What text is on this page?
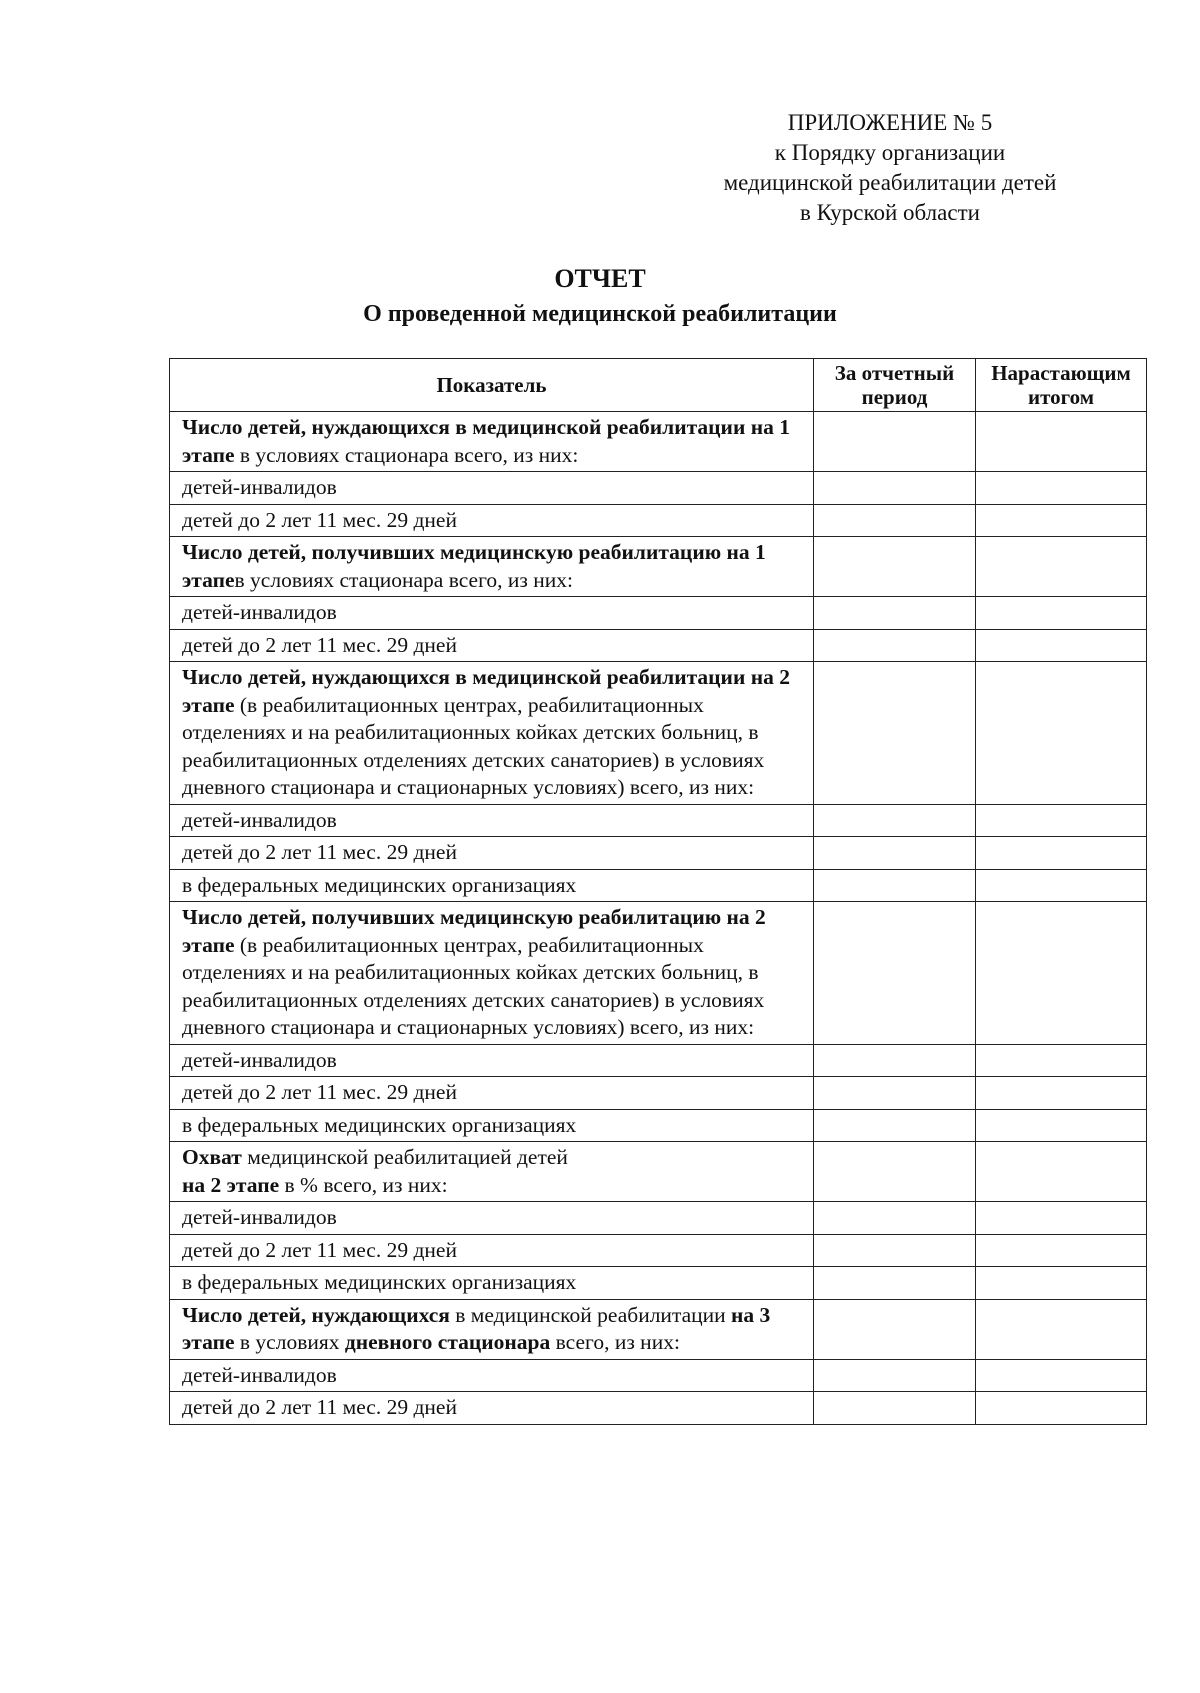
ПРИЛОЖЕНИЕ № 5
к Порядку организации
медицинской реабилитации детей
в Курской области
ОТЧЕТ
О проведенной медицинской реабилитации
Показатель	За отчетный период	Нарастающим итогом
Число детей, нуждающихся в медицинской реабилитации на 1 этапе в условиях стационара всего, из них:		
детей-инвалидов		
детей до 2 лет 11 мес. 29 дней		
Число детей, получивших медицинскую реабилитацию на 1 этапев условиях стационара всего, из них:		
детей-инвалидов		
детей до 2 лет 11 мес. 29 дней		
Число детей, нуждающихся в медицинской реабилитации на 2 этапе (в реабилитационных центрах, реабилитационных отделениях и на реабилитационных койках детских больниц, в реабилитационных отделениях детских санаториев) в условиях дневного стационара и стационарных условиях) всего, из них:		
детей-инвалидов		
детей до 2 лет 11 мес. 29 дней		
в федеральных медицинских организациях		
Число детей, получивших медицинскую реабилитацию на 2 этапе (в реабилитационных центрах, реабилитационных отделениях и на реабилитационных койках детских больниц, в реабилитационных отделениях детских санаториев) в условиях дневного стационара и стационарных условиях) всего, из них:		
детей-инвалидов		
детей до 2 лет 11 мес. 29 дней		
в федеральных медицинских организациях		
Охват медицинской реабилитацией детей
на 2 этапе в % всего, из них:		
детей-инвалидов		
детей до 2 лет 11 мес. 29 дней		
в федеральных медицинских организациях		
Число детей, нуждающихся в медицинской реабилитации на 3 этапе в условиях дневного стационара всего, из них:		
детей-инвалидов		
детей до 2 лет 11 мес. 29 дней		
